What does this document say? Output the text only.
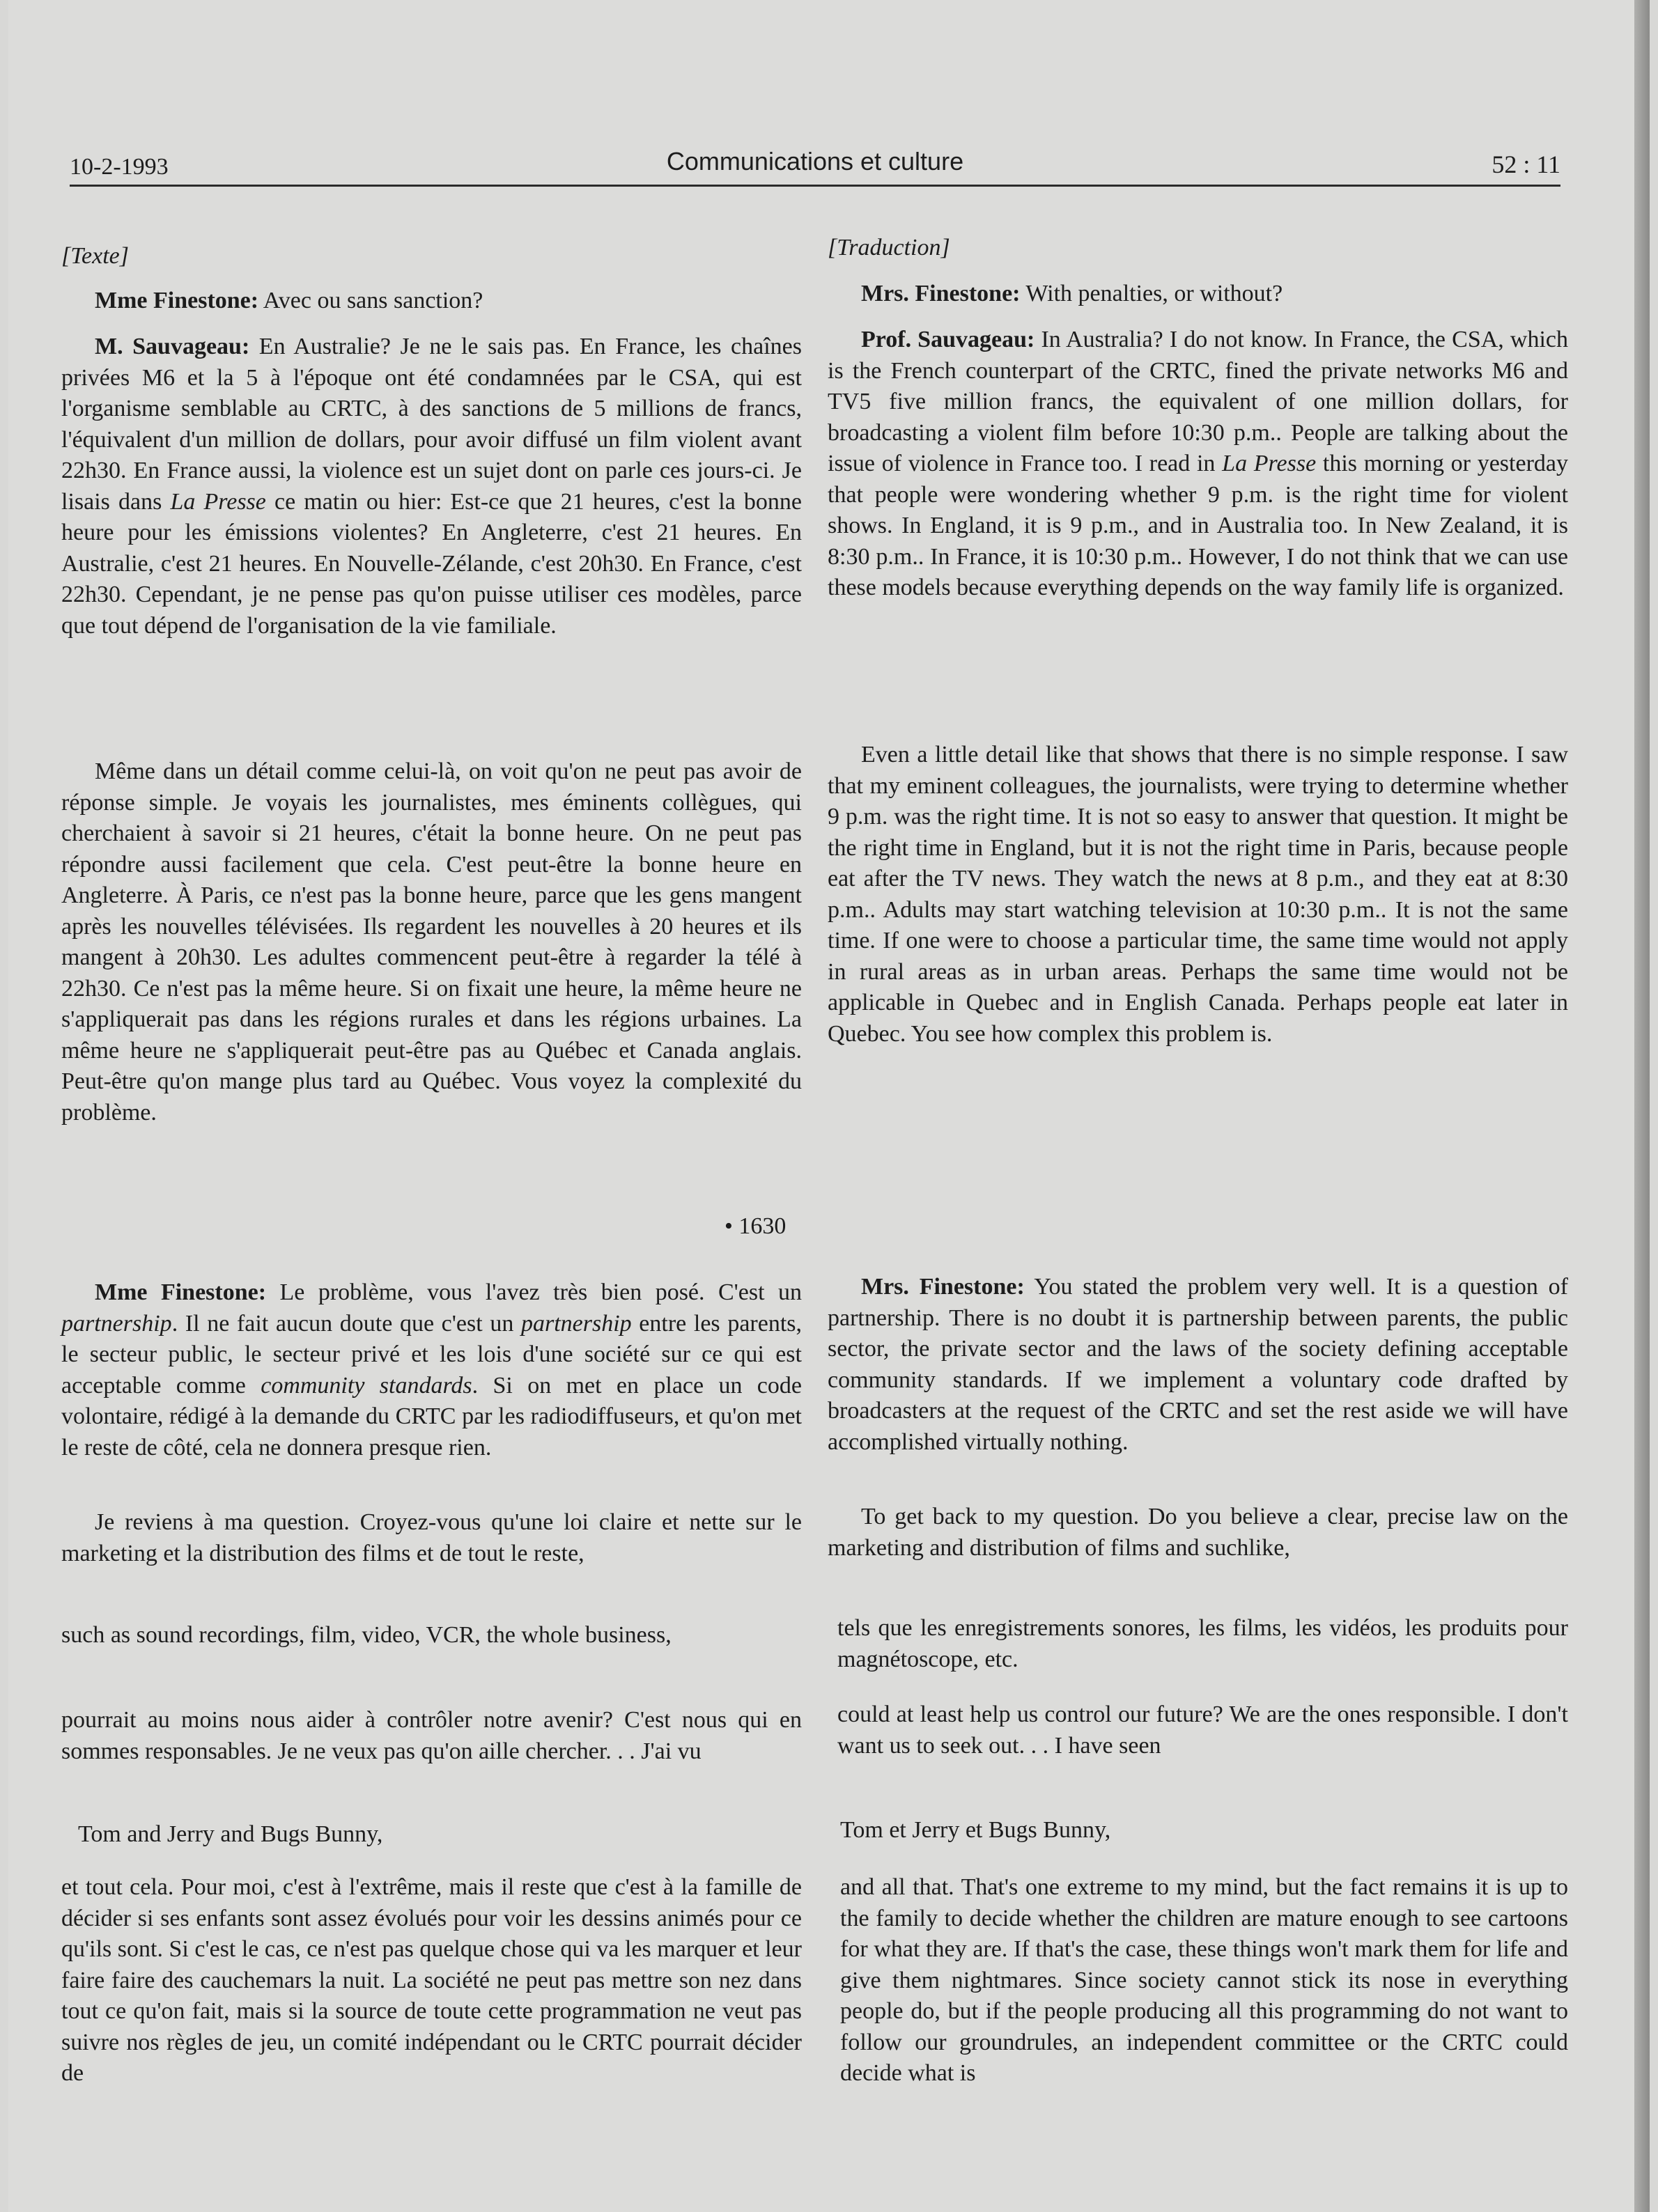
10-2-1993	Communications et culture	52 : 11
[Texte]

Mme Finestone: Avec ou sans sanction?

M. Sauvageau: En Australie? Je ne le sais pas. En France, les chaînes privées M6 et la 5 à l'époque ont été condamnées par le CSA, qui est l'organisme semblable au CRTC, à des sanctions de 5 millions de francs, l'équivalent d'un million de dollars, pour avoir diffusé un film violent avant 22h30. En France aussi, la violence est un sujet dont on parle ces jours-ci. Je lisais dans La Presse ce matin ou hier: Est-ce que 21 heures, c'est la bonne heure pour les émissions violentes? En Angleterre, c'est 21 heures. En Australie, c'est 21 heures. En Nouvelle-Zélande, c'est 20h30. En France, c'est 22h30. Cependant, je ne pense pas qu'on puisse utiliser ces modèles, parce que tout dépend de l'organisation de la vie familiale.

Même dans un détail comme celui-là, on voit qu'on ne peut pas avoir de réponse simple. Je voyais les journalistes, mes éminents collègues, qui cherchaient à savoir si 21 heures, c'était la bonne heure. On ne peut pas répondre aussi facilement que cela. C'est peut-être la bonne heure en Angleterre. À Paris, ce n'est pas la bonne heure, parce que les gens mangent après les nouvelles télévisées. Ils regardent les nouvelles à 20 heures et ils mangent à 20h30. Les adultes commencent peut-être à regarder la télé à 22h30. Ce n'est pas la même heure. Si on fixait une heure, la même heure ne s'appliquerait pas dans les régions rurales et dans les régions urbaines. La même heure ne s'appliquerait peut-être pas au Québec et Canada anglais. Peut-être qu'on mange plus tard au Québec. Vous voyez la complexité du problème.

• 1630

Mme Finestone: Le problème, vous l'avez très bien posé. C'est un partnership. Il ne fait aucun doute que c'est un partnership entre les parents, le secteur public, le secteur privé et les lois d'une société sur ce qui est acceptable comme community standards. Si on met en place un code volontaire, rédigé à la demande du CRTC par les radiodiffuseurs, et qu'on met le reste de côté, cela ne donnera presque rien.

Je reviens à ma question. Croyez-vous qu'une loi claire et nette sur le marketing et la distribution des films et de tout le reste,

such as sound recordings, film, video, VCR, the whole business,

pourrait au moins nous aider à contrôler notre avenir? C'est nous qui en sommes responsables. Je ne veux pas qu'on aille chercher. . . J'ai vu

Tom and Jerry and Bugs Bunny,

et tout cela. Pour moi, c'est à l'extrême, mais il reste que c'est à la famille de décider si ses enfants sont assez évolués pour voir les dessins animés pour ce qu'ils sont. Si c'est le cas, ce n'est pas quelque chose qui va les marquer et leur faire faire des cauchemars la nuit. La société ne peut pas mettre son nez dans tout ce qu'on fait, mais si la source de toute cette programmation ne veut pas suivre nos règles de jeu, un comité indépendant ou le CRTC pourrait décider de

[Traduction]

Mrs. Finestone: With penalties, or without?

Prof. Sauvageau: In Australia? I do not know. In France, the CSA, which is the French counterpart of the CRTC, fined the private networks M6 and TV5 five million francs, the equivalent of one million dollars, for broadcasting a violent film before 10:30 p.m.. People are talking about the issue of violence in France too. I read in La Presse this morning or yesterday that people were wondering whether 9 p.m. is the right time for violent shows. In England, it is 9 p.m., and in Australia too. In New Zealand, it is 8:30 p.m.. In France, it is 10:30 p.m.. However, I do not think that we can use these models because everything depends on the way family life is organized.

Even a little detail like that shows that there is no simple response. I saw that my eminent colleagues, the journalists, were trying to determine whether 9 p.m. was the right time. It is not so easy to answer that question. It might be the right time in England, but it is not the right time in Paris, because people eat after the TV news. They watch the news at 8 p.m., and they eat at 8:30 p.m.. Adults may start watching television at 10:30 p.m.. It is not the same time. If one were to choose a particular time, the same time would not apply in rural areas as in urban areas. Perhaps the same time would not be applicable in Quebec and in English Canada. Perhaps people eat later in Quebec. You see how complex this problem is.

Mrs. Finestone: You stated the problem very well. It is a question of partnership. There is no doubt it is partnership between parents, the public sector, the private sector and the laws of the society defining acceptable community standards. If we implement a voluntary code drafted by broadcasters at the request of the CRTC and set the rest aside we will have accomplished virtually nothing.

To get back to my question. Do you believe a clear, precise law on the marketing and distribution of films and suchlike,

tels que les enregistrements sonores, les films, les vidéos, les produits pour magnétoscope, etc.

could at least help us control our future? We are the ones responsible. I don't want us to seek out. . . I have seen

Tom et Jerry et Bugs Bunny,

and all that. That's one extreme to my mind, but the fact remains it is up to the family to decide whether the children are mature enough to see cartoons for what they are. If that's the case, these things won't mark them for life and give them nightmares. Since society cannot stick its nose in everything people do, but if the people producing all this programming do not want to follow our groundrules, an independent committee or the CRTC could decide what is
